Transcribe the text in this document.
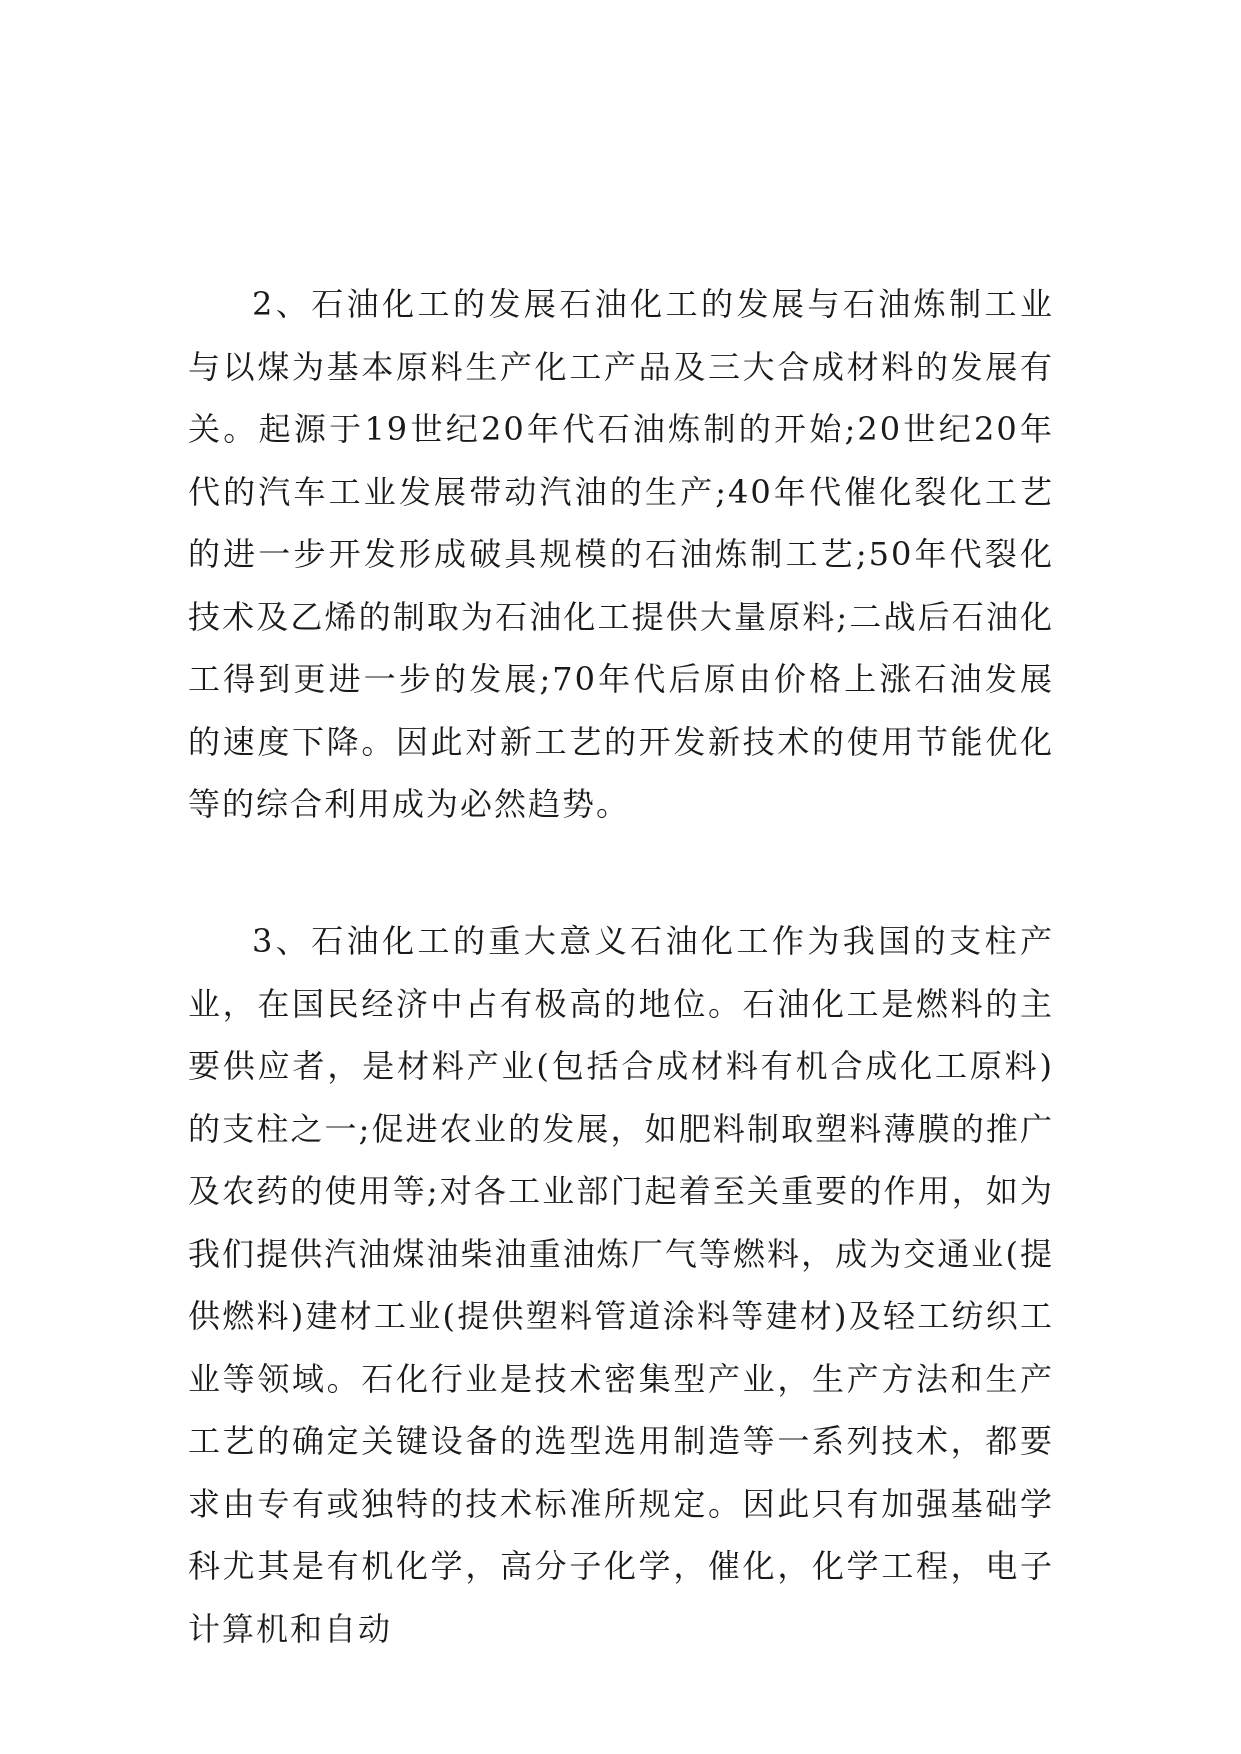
2、石油化工的发展石油化工的发展与石油炼制工业与以煤为基本原料生产化工产品及三大合成材料的发展有关。起源于19世纪20年代石油炼制的开始;20世纪20年代的汽车工业发展带动汽油的生产;40年代催化裂化工艺的进一步开发形成破具规模的石油炼制工艺;50年代裂化技术及乙烯的制取为石油化工提供大量原料;二战后石油化工得到更进一步的发展;70年代后原由价格上涨石油发展的速度下降。因此对新工艺的开发新技术的使用节能优化等的综合利用成为必然趋势。

3、石油化工的重大意义石油化工作为我国的支柱产业，在国民经济中占有极高的地位。石油化工是燃料的主要供应者，是材料产业(包括合成材料有机合成化工原料)的支柱之一;促进农业的发展，如肥料制取塑料薄膜的推广及农药的使用等;对各工业部门起着至关重要的作用，如为我们提供汽油煤油柴油重油炼厂气等燃料，成为交通业(提供燃料)建材工业(提供塑料管道涂料等建材)及轻工纺织工业等领域。石化行业是技术密集型产业，生产方法和生产工艺的确定关键设备的选型选用制造等一系列技术，都要求由专有或独特的技术标准所规定。因此只有加强基础学科尤其是有机化学，高分子化学，催化，化学工程，电子计算机和自动
